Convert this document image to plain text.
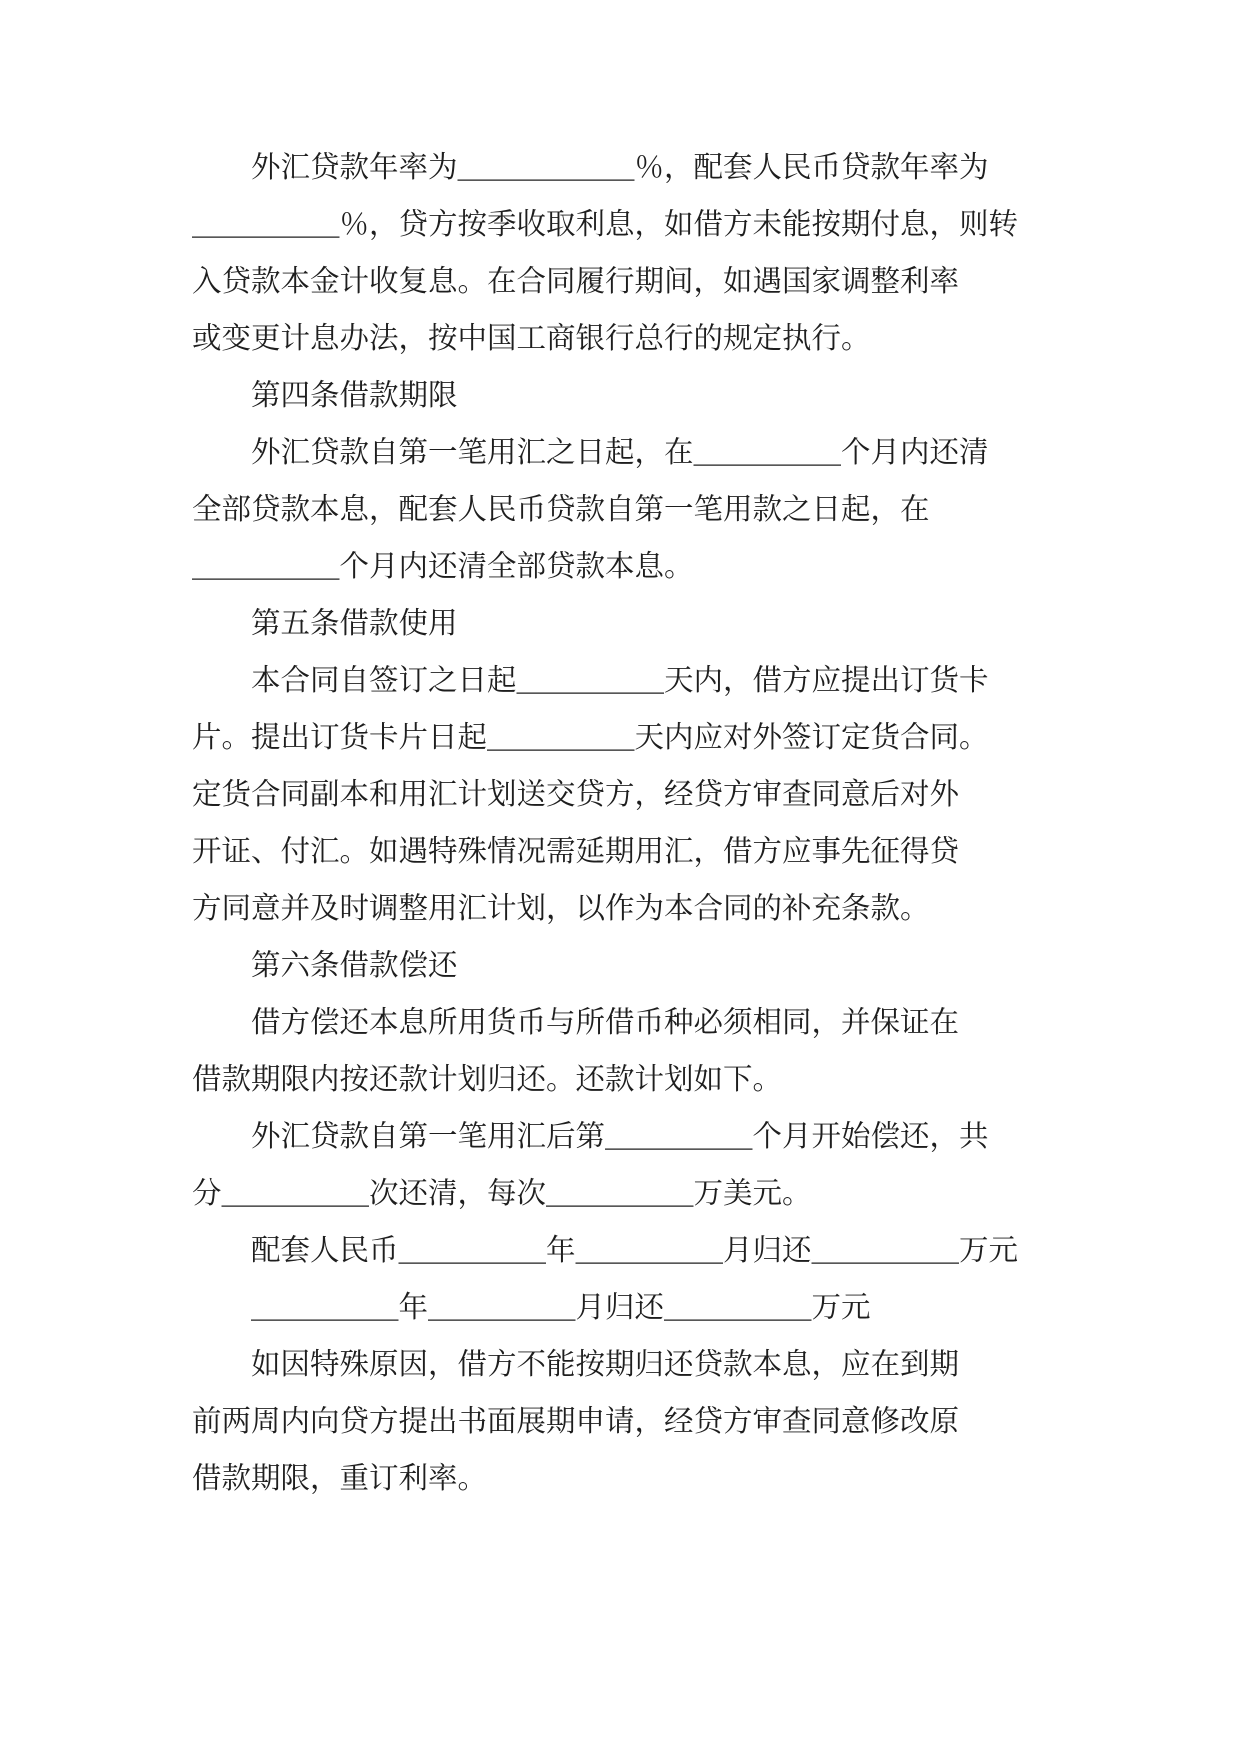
　　外汇贷款年率为＿＿＿＿＿＿％，配套人民币贷款年率为
＿＿＿＿＿％，贷方按季收取利息，如借方未能按期付息，则转
入贷款本金计收复息。在合同履行期间，如遇国家调整利率
或变更计息办法，按中国工商银行总行的规定执行。
　　第四条借款期限
　　外汇贷款自第一笔用汇之日起，在＿＿＿＿＿个月内还清
全部贷款本息，配套人民币贷款自第一笔用款之日起，在
＿＿＿＿＿个月内还清全部贷款本息。
　　第五条借款使用
　　本合同自签订之日起＿＿＿＿＿天内，借方应提出订货卡
片。提出订货卡片日起＿＿＿＿＿天内应对外签订定货合同。
定货合同副本和用汇计划送交贷方，经贷方审查同意后对外
开证、付汇。如遇特殊情况需延期用汇，借方应事先征得贷
方同意并及时调整用汇计划，以作为本合同的补充条款。
　　第六条借款偿还
　　借方偿还本息所用货币与所借币种必须相同，并保证在
借款期限内按还款计划归还。还款计划如下。
　　外汇贷款自第一笔用汇后第＿＿＿＿＿个月开始偿还，共
分＿＿＿＿＿次还清，每次＿＿＿＿＿万美元。
　　配套人民币＿＿＿＿＿年＿＿＿＿＿月归还＿＿＿＿＿万元
　　＿＿＿＿＿年＿＿＿＿＿月归还＿＿＿＿＿万元
　　如因特殊原因，借方不能按期归还贷款本息，应在到期
前两周内向贷方提出书面展期申请，经贷方审查同意修改原
借款期限，重订利率。
